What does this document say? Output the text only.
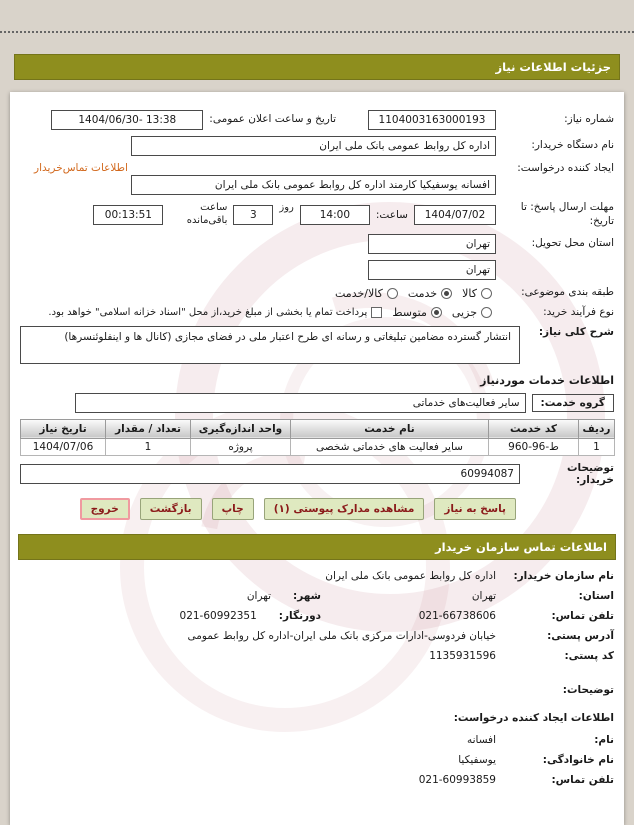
جزئیات اطلاعات نیاز
شماره نیاز:
1104003163000193
تاریخ و ساعت اعلان عمومی:
1404/06/30- 13:38
نام دستگاه خریدار:
اداره کل روابط عمومی بانک ملی ایران
ایجاد کننده درخواست:
اطلاعات تماس‌خریدار
افسانه یوسفیکیا کارمند اداره کل روابط عمومی بانک ملی ایران
مهلت ارسال پاسخ: تا تاریخ:
1404/07/02
ساعت:
14:00
روز
3
ساعت باقی‌مانده
00:13:51
استان محل تحویل:
تهران
تهران
طبقه بندی موضوعی:
کالا
خدمت
کالا/خدمت
نوع فرآیند خرید:
جزیی
متوسط
پرداخت تمام یا بخشی از مبلغ خرید،از محل "اسناد خزانه اسلامی" خواهد بود.
شرح کلی نیاز:
انتشار گسترده مضامین تبلیغاتی و رسانه ای طرح اعتبار ملی در فضای مجازی (کانال ها و اینفلوئنسرها)
اطلاعات خدمات موردنیاز
گروه خدمت:
سایر فعالیت‌های خدماتی
ردیف	کد خدمت	نام خدمت	واحد اندازه‌گیری	تعداد / مقدار	تاریخ نیاز
1	ط-96-960	سایر فعالیت های خدماتی شخصی	پروژه	1	1404/07/06
توضیحات خریدار:
60994087
پاسخ به نیاز
مشاهده مدارک پیوستی (۱)
چاپ
بازگشت
خروج
اطلاعات تماس سازمان خریدار
نام سازمان خریدار:
اداره کل روابط عمومی بانک ملی ایران
استان:
تهران
شهر:
تهران
تلفن تماس:
021-66738606
دورنگار:
021-60992351
آدرس پستی:
خیابان فردوسی-ادارات مرکزی بانک ملی ایران-اداره کل روابط عمومی
کد پستی:
1135931596
توضیحات:
اطلاعات ایجاد کننده درخواست:
نام:
افسانه
نام خانوادگی:
یوسفیکیا
تلفن تماس:
021-60993859
